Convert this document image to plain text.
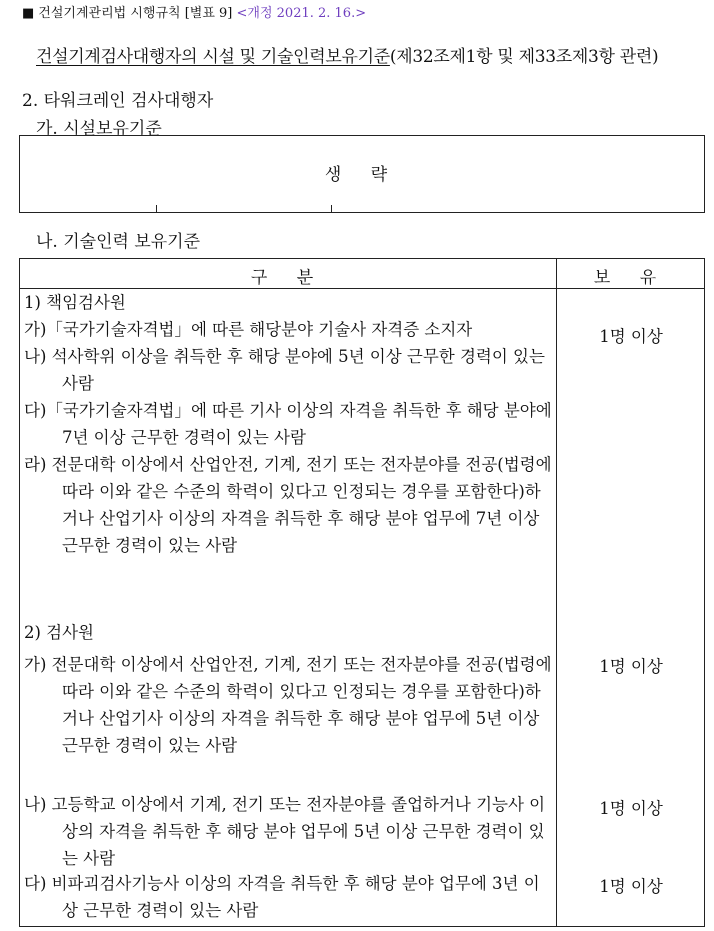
■ 건설기계관리법 시행규칙 [별표 9] <개정 2021. 2. 16.>
건설기계검사대행자의 시설 및 기술인력보유기준(제32조제1항 및 제33조제3항 관련)
2. 타워크레인 검사대행자
가. 시설보유기준
생 략
나. 기술인력 보유기준
구 분	보 유
1) 책임검사원
가)「국가기술자격법」에 따른 해당분야 기술사 자격증 소지자
나) 석사학위 이상을 취득한 후 해당 분야에 5년 이상 근무한 경력이 있는 사람
다)「국가기술자격법」에 따른 기사 이상의 자격을 취득한 후 해당 분야에 7년 이상 근무한 경력이 있는 사람
라) 전문대학 이상에서 산업안전, 기계, 전기 또는 전자분야를 전공(법령에 따라 이와 같은 수준의 학력이 있다고 인정되는 경우를 포함한다)하거나 산업기사 이상의 자격을 취득한 후 해당 분야 업무에 7년 이상 근무한 경력이 있는 사람
1명 이상
2) 검사원
가) 전문대학 이상에서 산업안전, 기계, 전기 또는 전자분야를 전공(법령에 따라 이와 같은 수준의 학력이 있다고 인정되는 경우를 포함한다)하거나 산업기사 이상의 자격을 취득한 후 해당 분야 업무에 5년 이상 근무한 경력이 있는 사람
1명 이상
나) 고등학교 이상에서 기계, 전기 또는 전자분야를 졸업하거나 기능사 이상의 자격을 취득한 후 해당 분야 업무에 5년 이상 근무한 경력이 있는 사람
1명 이상
다) 비파괴검사기능사 이상의 자격을 취득한 후 해당 분야 업무에 3년 이상 근무한 경력이 있는 사람
1명 이상
